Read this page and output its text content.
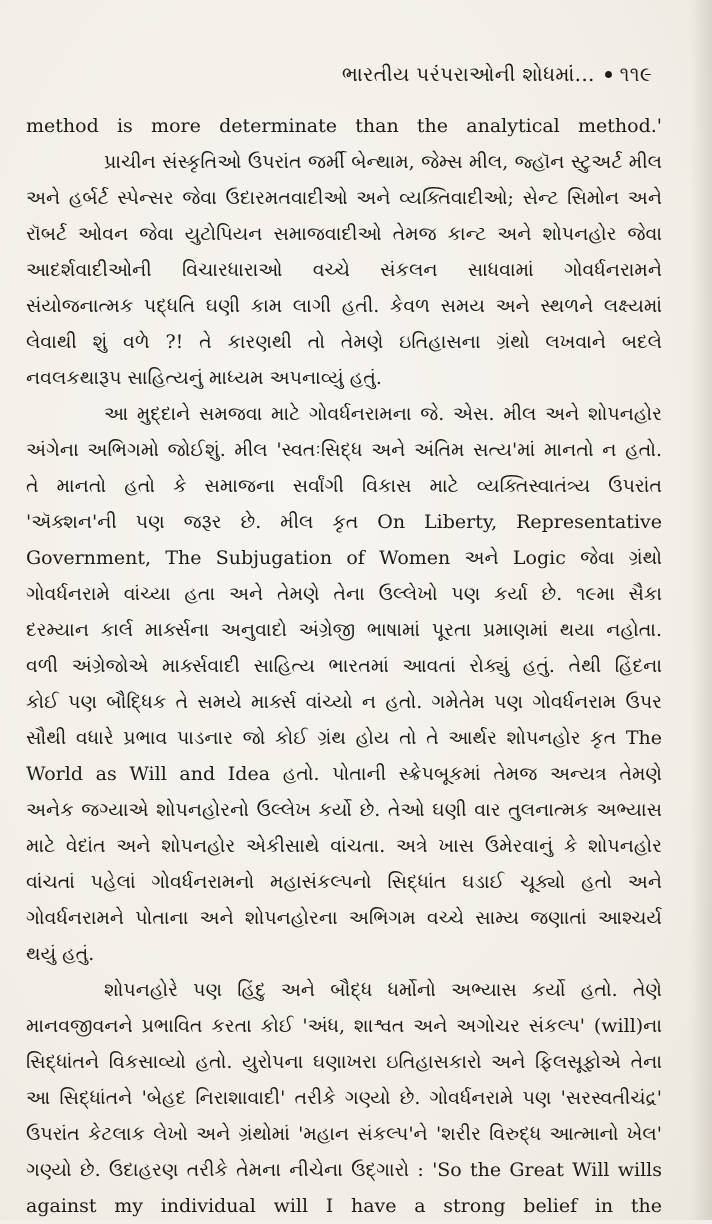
ભારતીય પરંપરાઓની શોધમાં... ૧૧૯
method is more determinate than the analytical method.'
પ્રાચીન સંસ્કૃતિઓ ઉપરાંત જર્મી બેન્થામ, જેમ્સ મીલ, જ્હૉન સ્ટુઅર્ટ મીલ
અને હર્બર્ટ સ્પેન્સર જેવા ઉદારમતવાદીઓ અને વ્યક્તિવાદીઓ; સેન્ટ સિમોન અને
રૉબર્ટ ઓવન જેવા યુટોપિયન સમાજવાદીઓ તેમજ કાન્ટ અને શોપનહોર જેવા
આદર્શવાદીઓની વિચારધારાઓ વચ્ચે સંકલન સાધવામાં ગોવર્ધનરામને
સંયોજનાત્મક પદ્ધતિ ઘણી કામ લાગી હતી. કેવળ સમય અને સ્થળને લક્ષ્યમાં
લેવાથી શું વળે ?! તે કારણથી તો તેમણે ઇતિહાસના ગ્રંથો લખવાને બદલે
નવલકથારૂપ સાહિત્યનું માધ્યમ અપનાવ્યું હતું.
આ મુદ્દાને સમજવા માટે ગોવર્ધનરામના જે. એસ. મીલ અને શોપનહોર
અંગેના અભિગમો જોઈશું. મીલ 'સ્વતઃસિદ્ધ અને અંતિમ સત્ય'માં માનતો ન હતો.
તે માનતો હતો કે સમાજના સર્વાંગી વિકાસ માટે વ્યક્તિસ્વાતંત્ર્ય ઉપરાંત
'ઍક્શન'ની પણ જરૂર છે. મીલ કૃત On Liberty, Representative
Government, The Subjugation of Women અને Logic જેવા ગ્રંથો
ગોવર્ધનરામે વાંચ્યા હતા અને તેમણે તેના ઉલ્લેખો પણ કર્યા છે. ૧૯મા સૈકા
દરમ્યાન કાર્લ માર્ક્સના અનુવાદો અંગ્રેજી ભાષામાં પૂરતા પ્રમાણમાં થયા નહોતા.
વળી અંગ્રેજોએ માર્ક્સવાદી સાહિત્ય ભારતમાં આવતાં રોક્યું હતું. તેથી હિંદના
કોઈ પણ બૌદ્ધિક તે સમયે માર્ક્સ વાંચ્યો ન હતો. ગમેતેમ પણ ગોવર્ધનરામ ઉપર
સૌથી વધારે પ્રભાવ પાડનાર જો કોઈ ગ્રંથ હોય તો તે આર્થર શોપનહોર કૃત The
World as Will and Idea હતો. પોતાની સ્ક્રેપબૂકમાં તેમજ અન્યત્ર તેમણે
અનેક જગ્યાએ શોપનહોરનો ઉલ્લેખ કર્યો છે. તેઓ ઘણી વાર તુલનાત્મક અભ્યાસ
માટે વેદાંત અને શોપનહોર એકીસાથે વાંચતા. અત્રે ખાસ ઉમેરવાનું કે શોપનહોર
વાંચતાં પહેલાં ગોવર્ધનરામનો મહાસંકલ્પનો સિદ્ધાંત ઘડાઈ ચૂક્યો હતો અને
ગોવર્ધનરામને પોતાના અને શોપનહોરના અભિગમ વચ્ચે સામ્ય જણાતાં આશ્ચર્ય
થયું હતું.
શોપનહોરે પણ હિંદુ અને બૌદ્ધ ધર્મોનો અભ્યાસ કર્યો હતો. તેણે
માનવજીવનને પ્રભાવિત કરતા કોઈ 'અંધ, શાશ્વત અને અગોચર સંકલ્પ' (will)ના
સિદ્ધાંતને વિકસાવ્યો હતો. યુરોપના ઘણાખરા ઇતિહાસકારો અને ફિલસૂફોએ તેના
આ સિદ્ધાંતને 'બેહદ નિરાશાવાદી' તરીકે ગણ્યો છે. ગોવર્ધનરામે પણ 'સરસ્વતીચંદ્ર'
ઉપરાંત કેટલાક લેખો અને ગ્રંથોમાં 'મહાન સંકલ્પ'ને 'શરીર વિરુદ્ધ આત્માનો ખેલ'
ગણ્યો છે. ઉદાહરણ તરીકે તેમના નીચેના ઉદ્ગારો : 'So the Great Will wills
against my individual will I have a strong belief in the
